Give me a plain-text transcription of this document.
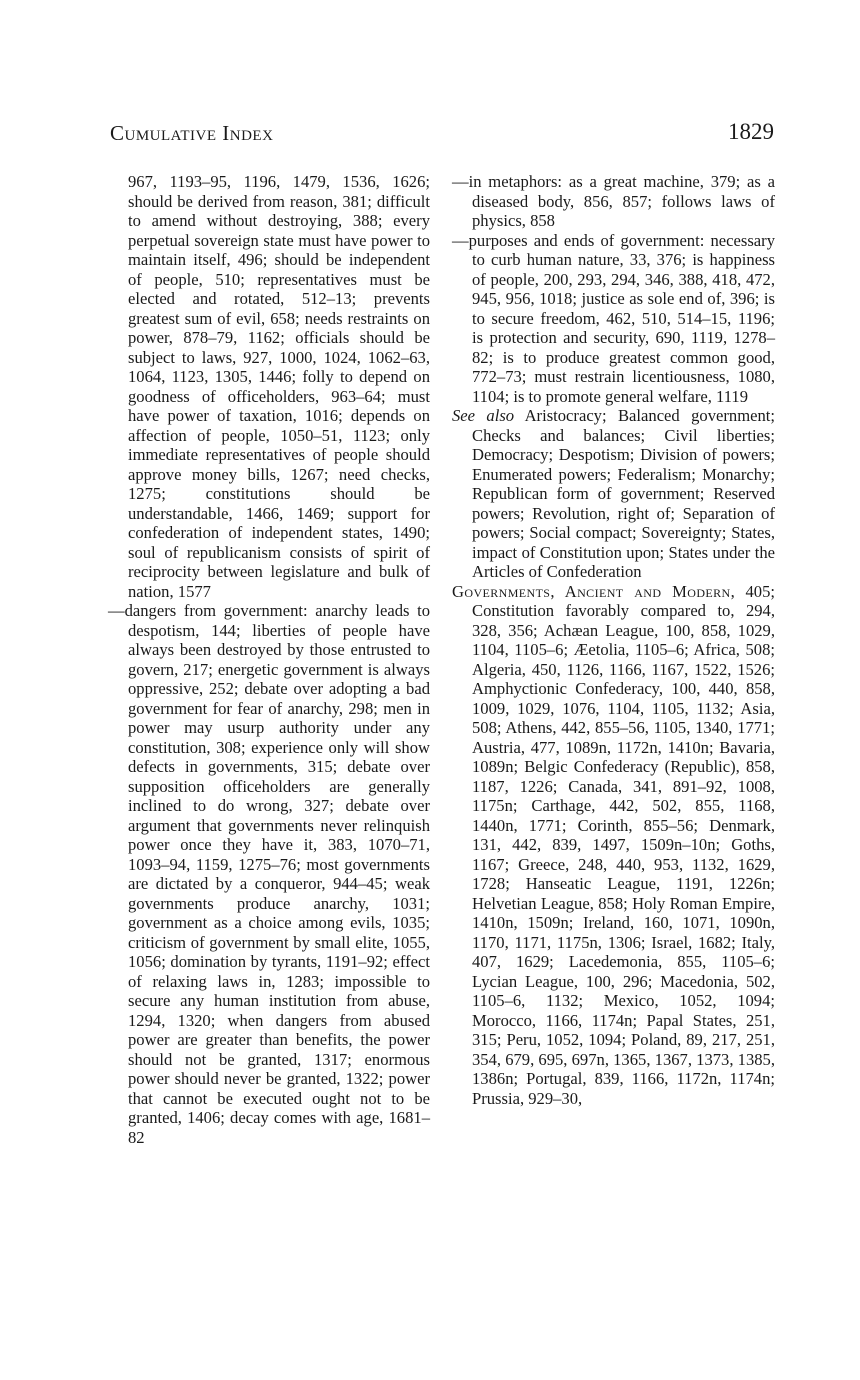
Cumulative Index	1829

967, 1193–95, 1196, 1479, 1536, 1626; should be derived from reason, 381; difficult to amend without destroying, 388; every perpetual sovereign state must have power to maintain itself, 496; should be independent of people, 510; representatives must be elected and rotated, 512–13; prevents greatest sum of evil, 658; needs restraints on power, 878–79, 1162; officials should be subject to laws, 927, 1000, 1024, 1062–63, 1064, 1123, 1305, 1446; folly to depend on goodness of officeholders, 963–64; must have power of taxation, 1016; depends on affection of people, 1050–51, 1123; only immediate representatives of people should approve money bills, 1267; need checks, 1275; constitutions should be understandable, 1466, 1469; support for confederation of independent states, 1490; soul of republicanism consists of spirit of reciprocity between legislature and bulk of nation, 1577

—dangers from government: anarchy leads to despotism, 144; liberties of people have always been destroyed by those entrusted to govern, 217; energetic government is always oppressive, 252; debate over adopting a bad government for fear of anarchy, 298; men in power may usurp authority under any constitution, 308; experience only will show defects in governments, 315; debate over supposition officeholders are generally inclined to do wrong, 327; debate over argument that governments never relinquish power once they have it, 383, 1070–71, 1093–94, 1159, 1275–76; most governments are dictated by a conqueror, 944–45; weak governments produce anarchy, 1031; government as a choice among evils, 1035; criticism of government by small elite, 1055, 1056; domination by tyrants, 1191–92; effect of relaxing laws in, 1283; impossible to secure any human institution from abuse, 1294, 1320; when dangers from abused power are greater than benefits, the power should not be granted, 1317; enormous power should never be granted, 1322; power that cannot be executed ought not to be granted, 1406; decay comes with age, 1681–82

—in metaphors: as a great machine, 379; as a diseased body, 856, 857; follows laws of physics, 858

—purposes and ends of government: necessary to curb human nature, 33, 376; is happiness of people, 200, 293, 294, 346, 388, 418, 472, 945, 956, 1018; justice as sole end of, 396; is to secure freedom, 462, 510, 514–15, 1196; is protection and security, 690, 1119, 1278–82; is to produce greatest common good, 772–73; must restrain licentiousness, 1080, 1104; is to promote general welfare, 1119

See also Aristocracy; Balanced government; Checks and balances; Civil liberties; Democracy; Despotism; Division of powers; Enumerated powers; Federalism; Monarchy; Republican form of government; Reserved powers; Revolution, right of; Separation of powers; Social compact; Sovereignty; States, impact of Constitution upon; States under the Articles of Confederation

Governments, Ancient and Modern, 405; Constitution favorably compared to, 294, 328, 356; Achæan League, 100, 858, 1029, 1104, 1105–6; Æetolia, 1105–6; Africa, 508; Algeria, 450, 1126, 1166, 1167, 1522, 1526; Amphyctionic Confederacy, 100, 440, 858, 1009, 1029, 1076, 1104, 1105, 1132; Asia, 508; Athens, 442, 855–56, 1105, 1340, 1771; Austria, 477, 1089n, 1172n, 1410n; Bavaria, 1089n; Belgic Confederacy (Republic), 858, 1187, 1226; Canada, 341, 891–92, 1008, 1175n; Carthage, 442, 502, 855, 1168, 1440n, 1771; Corinth, 855–56; Denmark, 131, 442, 839, 1497, 1509n–10n; Goths, 1167; Greece, 248, 440, 953, 1132, 1629, 1728; Hanseatic League, 1191, 1226n; Helvetian League, 858; Holy Roman Empire, 1410n, 1509n; Ireland, 160, 1071, 1090n, 1170, 1171, 1175n, 1306; Israel, 1682; Italy, 407, 1629; Lacedemonia, 855, 1105–6; Lycian League, 100, 296; Macedonia, 502, 1105–6, 1132; Mexico, 1052, 1094; Morocco, 1166, 1174n; Papal States, 251, 315; Peru, 1052, 1094; Poland, 89, 217, 251, 354, 679, 695, 697n, 1365, 1367, 1373, 1385, 1386n; Portugal, 839, 1166, 1172n, 1174n; Prussia, 929–30,
